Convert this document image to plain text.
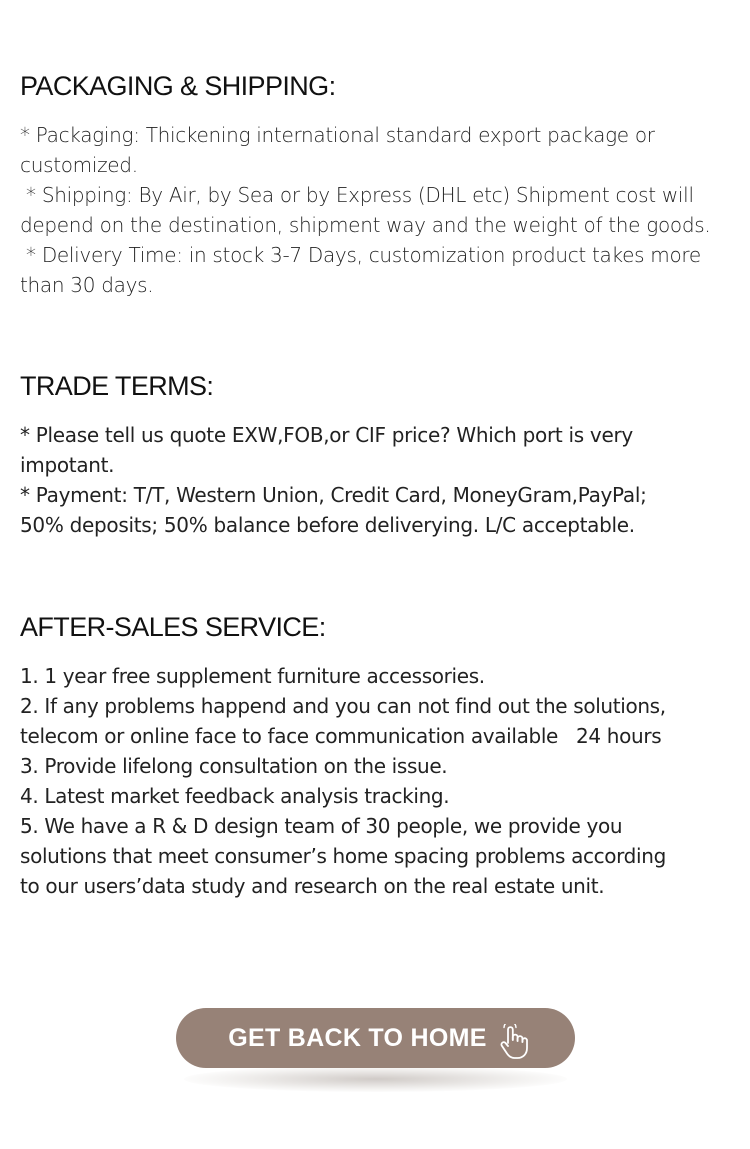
PACKAGING & SHIPPING:

* Packaging: Thickening international standard export package or
customized.
* Shipping: By Air, by Sea or by Express (DHL etc) Shipment cost will
depend on the destination, shipment way and the weight of the goods.
* Delivery Time: in stock 3-7 Days, customization product takes more
than 30 days.

TRADE TERMS:

* Please tell us quote EXW,FOB,or CIF price? Which port is very
impotant.
* Payment: T/T, Western Union, Credit Card, MoneyGram,PayPal;
50% deposits; 50% balance before deliverying. L/C acceptable.

AFTER-SALES SERVICE:

1. 1 year free supplement furniture accessories.
2. If any problems happend and you can not find out the solutions,
telecom or online face to face communication available   24 hours
3. Provide lifelong consultation on the issue.
4. Latest market feedback analysis tracking.
5. We have a R & D design team of 30 people, we provide you
solutions that meet consumer’s home spacing problems according
to our users’data study and research on the real estate unit.

GET BACK TO HOME
